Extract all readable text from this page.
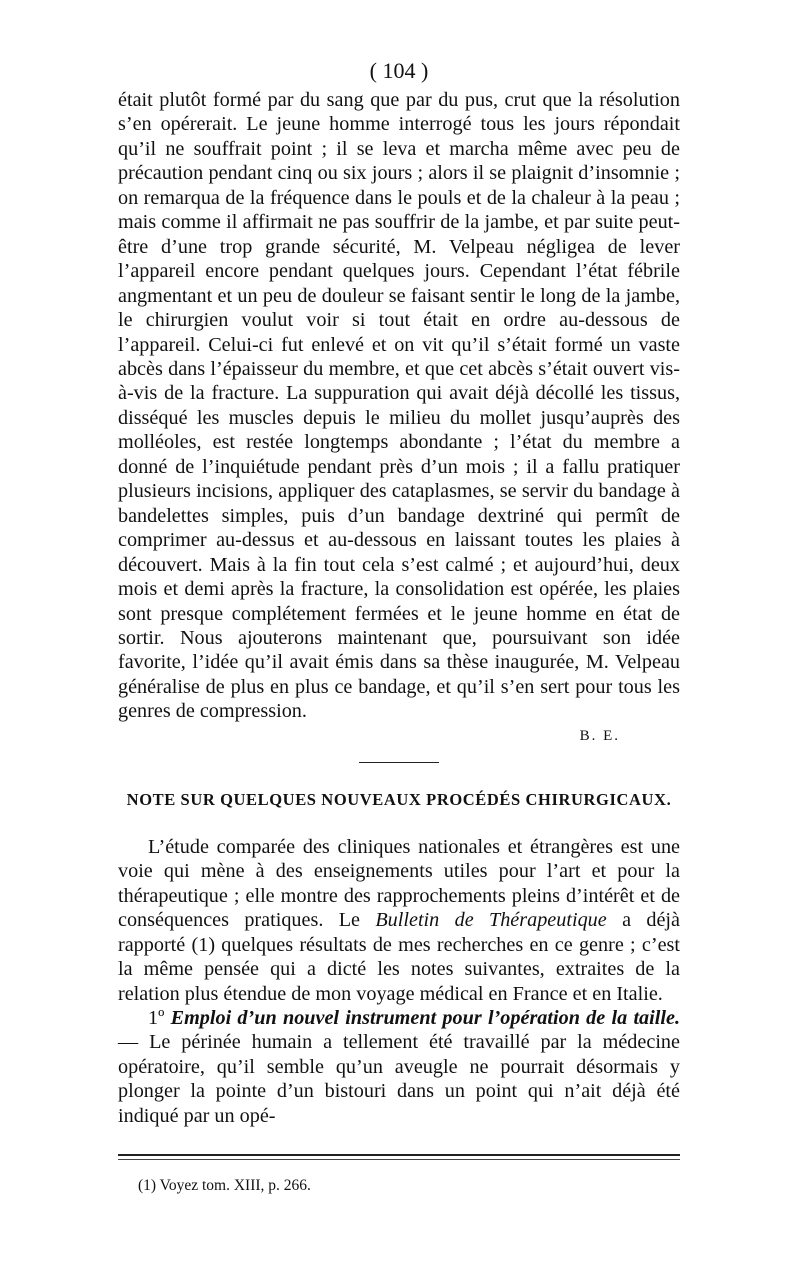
( 104 )

était plutôt formé par du sang que par du pus, crut que la résolution s’en opérerait. Le jeune homme interrogé tous les jours répondait qu’il ne souffrait point ; il se leva et marcha même avec peu de précaution pendant cinq ou six jours ; alors il se plaignit d’insomnie ; on remarqua de la fréquence dans le pouls et de la chaleur à la peau ; mais comme il affirmait ne pas souffrir de la jambe, et par suite peut-être d’une trop grande sécurité, M. Velpeau négligea de lever l’appareil encore pendant quelques jours. Cependant l’état fébrile angmentant et un peu de douleur se faisant sentir le long de la jambe, le chirurgien voulut voir si tout était en ordre au-dessous de l’appareil. Celui-ci fut enlevé et on vit qu’il s’était formé un vaste abcès dans l’épaisseur du membre, et que cet abcès s’était ouvert vis-à-vis de la fracture. La suppuration qui avait déjà décollé les tissus, disséqué les muscles depuis le milieu du mollet jusqu’auprès des molléoles, est restée longtemps abondante ; l’état du membre a donné de l’inquiétude pendant près d’un mois ; il a fallu pratiquer plusieurs incisions, appliquer des cataplasmes, se servir du bandage à bandelettes simples, puis d’un bandage dextriné qui permît de comprimer au-dessus et au-dessous en laissant toutes les plaies à découvert. Mais à la fin tout cela s’est calmé ; et aujourd’hui, deux mois et demi après la fracture, la consolidation est opérée, les plaies sont presque complétement fermées et le jeune homme en état de sortir. Nous ajouterons maintenant que, poursuivant son idée favorite, l’idée qu’il avait émis dans sa thèse inaugurée, M. Velpeau généralise de plus en plus ce bandage, et qu’il s’en sert pour tous les genres de compression.

B. E.
NOTE SUR QUELQUES NOUVEAUX PROCÉDÉS CHIRURGICAUX.

L’étude comparée des cliniques nationales et étrangères est une voie qui mène à des enseignements utiles pour l’art et pour la thérapeutique ; elle montre des rapprochements pleins d’intérêt et de conséquences pratiques. Le Bulletin de Thérapeutique a déjà rapporté (1) quelques résultats de mes recherches en ce genre ; c’est la même pensée qui a dicté les notes suivantes, extraites de la relation plus étendue de mon voyage médical en France et en Italie.

1º Emploi d’un nouvel instrument pour l’opération de la taille.— Le périnée humain a tellement été travaillé par la médecine opératoire, qu’il semble qu’un aveugle ne pourrait désormais y plonger la pointe d’un bistouri dans un point qui n’ait déjà été indiqué par un opé-

(1) Voyez tom. XIII, p. 266.
